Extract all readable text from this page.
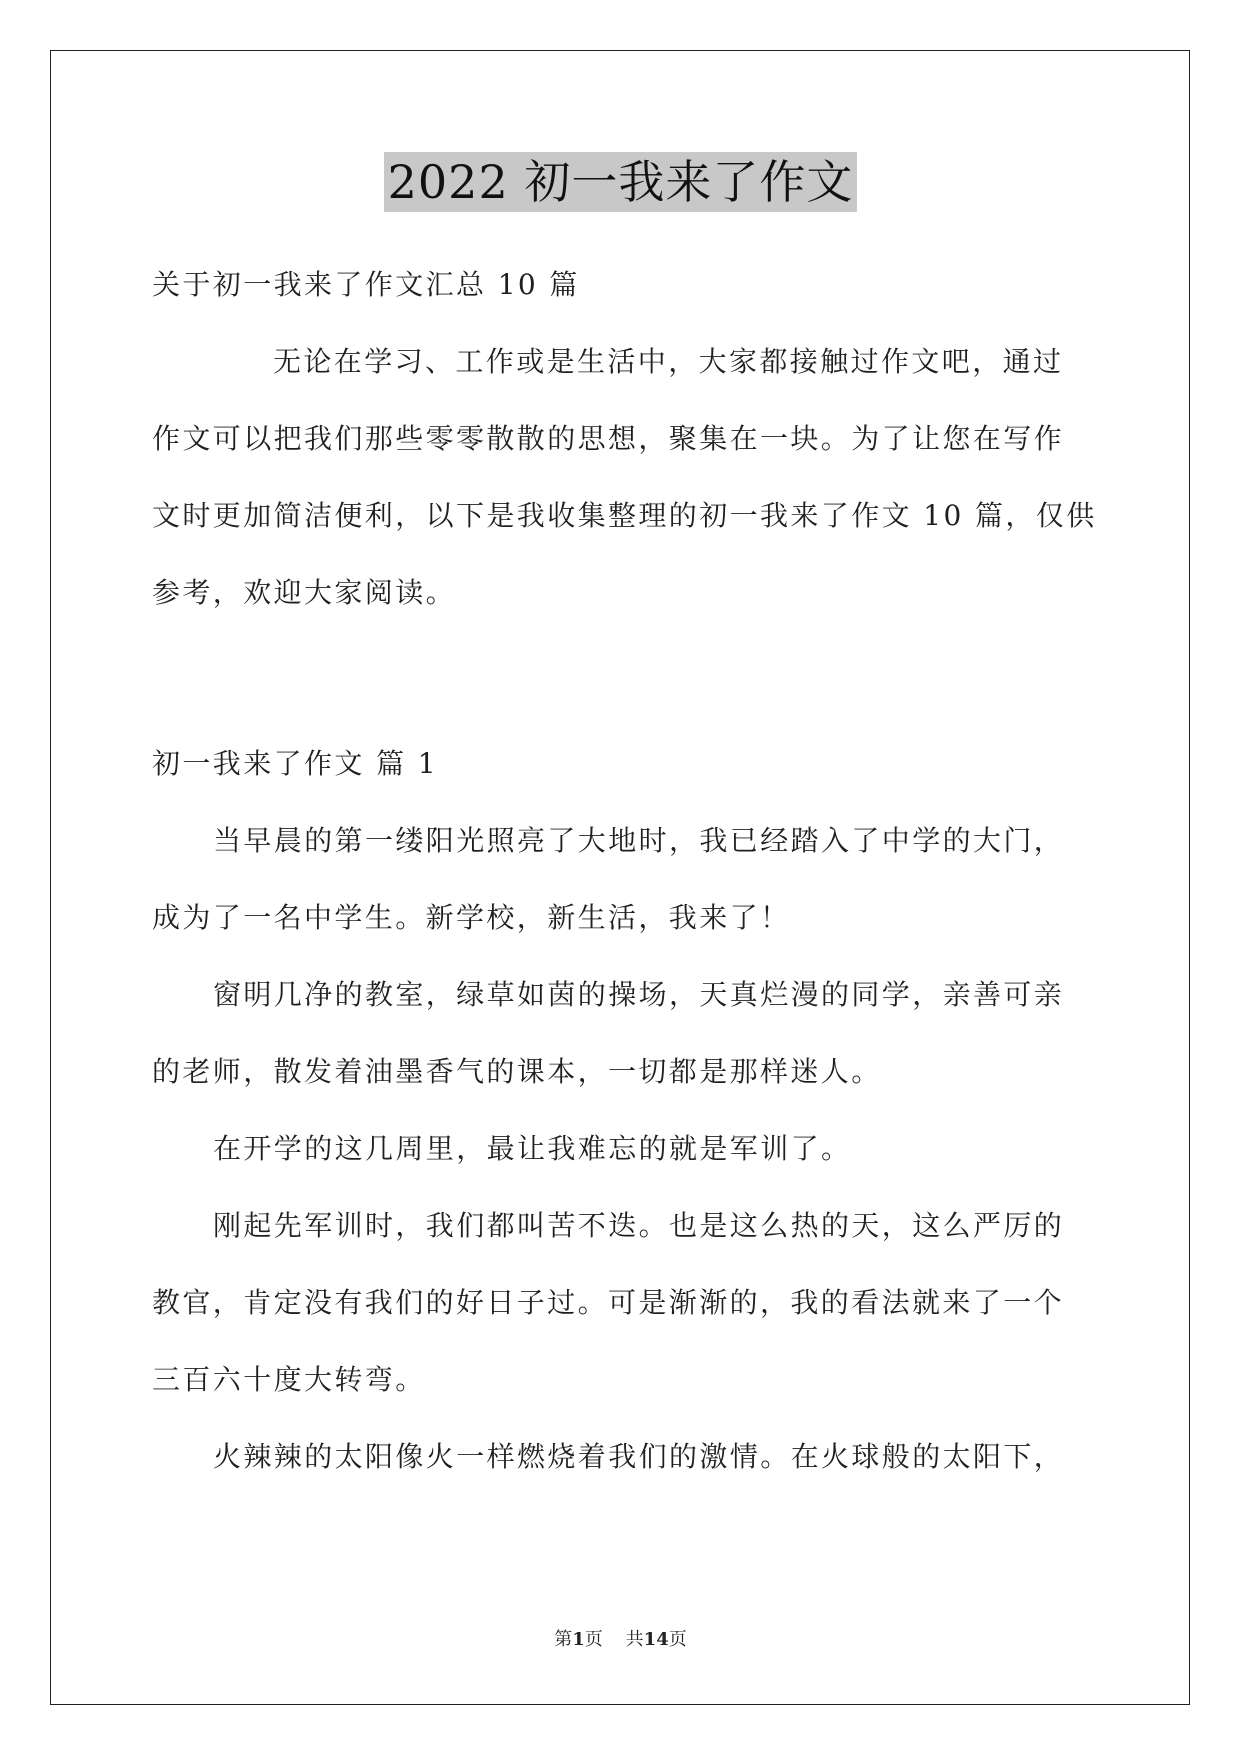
2022 初一我来了作文
关于初一我来了作文汇总 10 篇
无论在学习、工作或是生活中，大家都接触过作文吧，通过
作文可以把我们那些零零散散的思想，聚集在一块。为了让您在写作
文时更加简洁便利，以下是我收集整理的初一我来了作文 10 篇，仅供
参考，欢迎大家阅读。
初一我来了作文 篇 1
当早晨的第一缕阳光照亮了大地时，我已经踏入了中学的大门，
成为了一名中学生。新学校，新生活，我来了！
窗明几净的教室，绿草如茵的操场，天真烂漫的同学，亲善可亲
的老师，散发着油墨香气的课本，一切都是那样迷人。
在开学的这几周里，最让我难忘的就是军训了。
刚起先军训时，我们都叫苦不迭。也是这么热的天，这么严厉的
教官，肯定没有我们的好日子过。可是渐渐的，我的看法就来了一个
三百六十度大转弯。
火辣辣的太阳像火一样燃烧着我们的激情。在火球般的太阳下，
第1页 共14页
